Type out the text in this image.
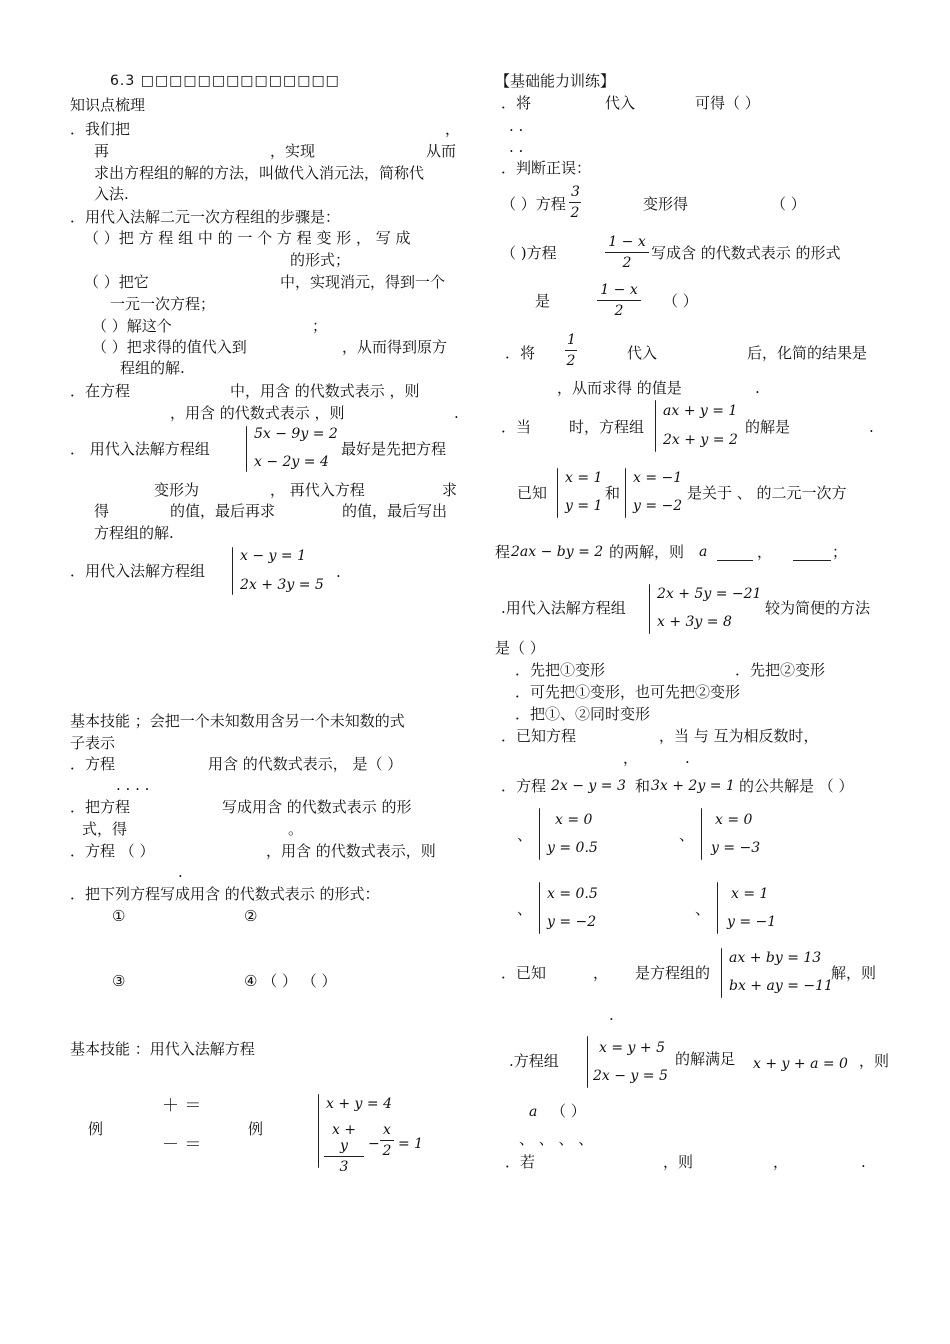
6.3 □□□□□□□□□□□□□□
知识点梳理
．我们把	，
再	，实现	从而
求出方程组的解的方法，叫做代入消元法，简称代
入法.
．用代入法解二元一次方程组的步骤是：
（ ）把 方 程 组 中 的 一 个 方 程 变 形 ， 写 成
的形式；
（ ）把它	中，实现消元，得到一个
一元一次方程；
（ ）解这个	；
（ ）把求得的值代入到	，从而得到原方
程组的解.
．在方程	中，用含 的代数式表示 ，则
，用含 的代数式表示 ，则	.
． 用代入法解方程组
5x − 9y = 2
x − 2y = 4
最好是先把方程
变形为	， 再代入方程	求
得	的值，最后再求	的值，最后写出
方程组的解.
．用代入法解方程组
x − y = 1
2x + 3y = 5
.
基本技能 ；会把一个未知数用含另一个未知数的式
子表示
．方程	用含 的代数式表示， 是（ ）
. . . .
．把方程	写成用含 的代数式表示 的形
式，得	。
．方程 （ ）	，用含 的代数式表示，则
.
．把下列方程写成用含 的代数式表示 的形式：
①	②
③	④ （ ） （ ）
基本技能 ：用代入法解方程
例
＋ ＝
－ ＝
例
x + y = 4
$\frac{x + y}{3} - \frac{x}{2} = 1$
【基础能力训练】
．将	代入	可得（ ）
. .
. .
．判断正误：
（ ）方程 $\frac{3}{2}$	变形得	（ ）
（ )方程	$\frac{1 - x}{2}$ 写成含 的代数式表示 的形式
是	$\frac{1 - x}{2}$ （ ）
．将 $\frac{1}{2}$	代入	后，化简的结果是
，从而求得 的值是	.
．当	时，方程组
ax + y = 1
2x + y = 2
的解是	.
已知
x = 1
y = 1
和
x = −1
y = −2
是关于 、 的二元一次方
程 2ax − by = 2 的两解，则 a	，	；
.用代入法解方程组
2x + 5y = −21
x + 3y = 8
较为简便的方法
是（ ）
．先把①变形	．先把②变形
．可先把①变形，也可先把②变形
．把①、②同时变形
．已知方程	，当 与 互为相反数时，
，	.
．方程 2x − y = 3 和 3x + 2y = 1 的公共解是 （ ）
、
x = 0
y = 0.5
、
x = 0
y = −3
、
x = 0.5
y = −2
、
x = 1
y = −1
．已知	， 是方程组的
ax + by = 13
bx + ay = −11
解，则
.
.方程组
x = y + 5
2x − y = 5
的解满足 x + y + a = 0 ，则
a （ ）
、 、 、 、
．若	，则	，	.
